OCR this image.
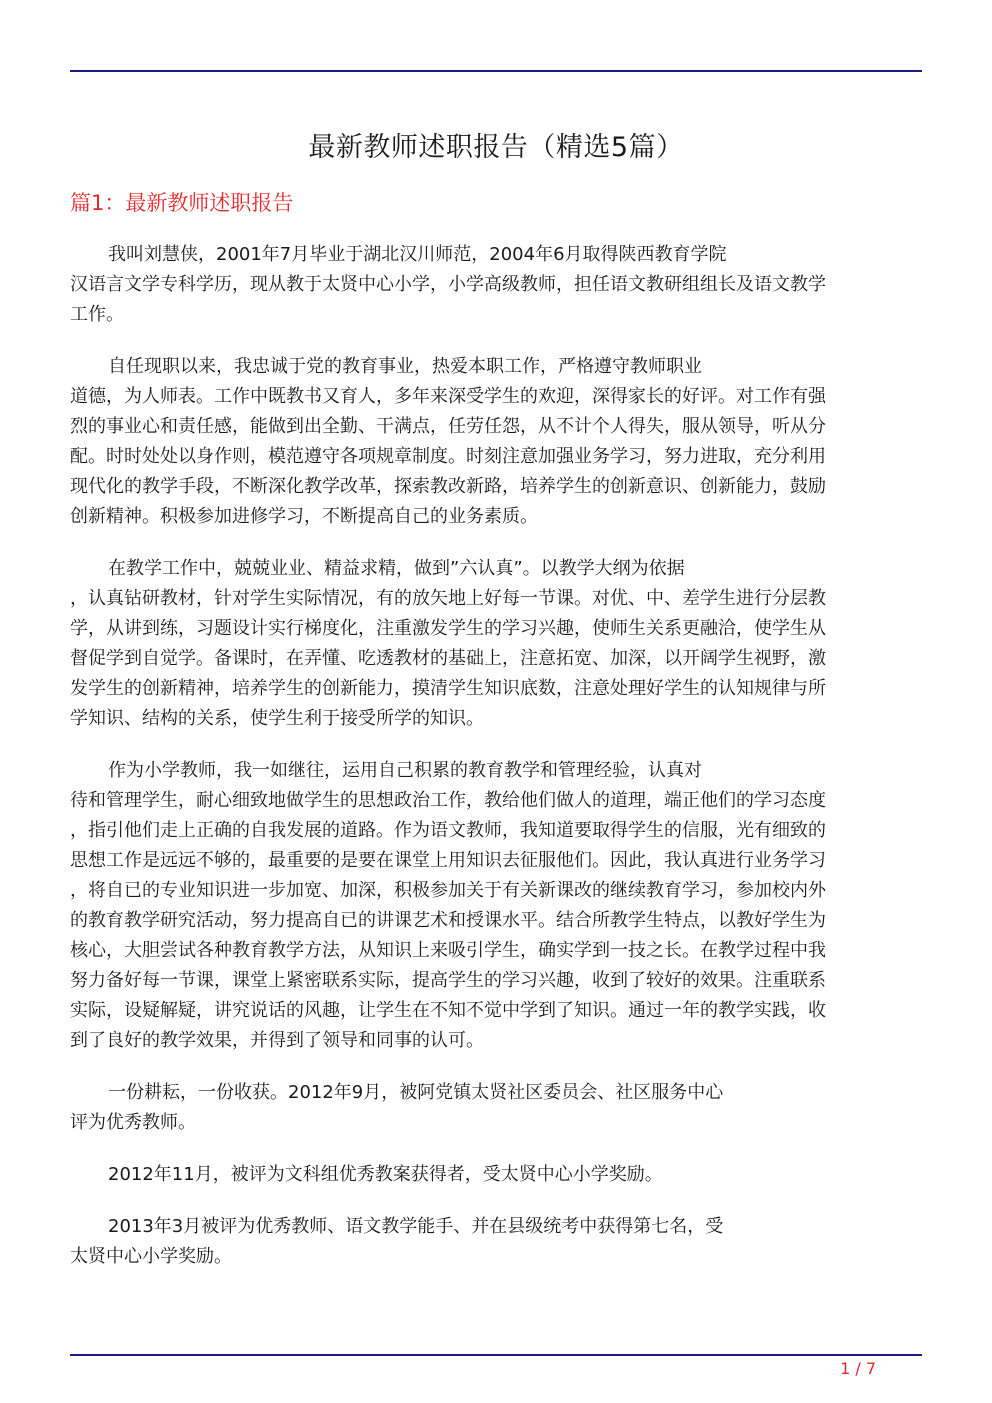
最新教师述职报告（精选5篇）
篇1：最新教师述职报告

我叫刘慧侠，2001年7月毕业于湖北汉川师范，2004年6月取得陕西教育学院
汉语言文学专科学历，现从教于太贤中心小学，小学高级教师，担任语文教研组组长及语文教学
工作。

自任现职以来，我忠诚于党的教育事业，热爱本职工作，严格遵守教师职业
道德，为人师表。工作中既教书又育人，多年来深受学生的欢迎，深得家长的好评。对工作有强
烈的事业心和责任感，能做到出全勤、干满点，任劳任怨，从不计个人得失，服从领导，听从分
配。时时处处以身作则，模范遵守各项规章制度。时刻注意加强业务学习，努力进取，充分利用
现代化的教学手段，不断深化教学改革，探索教改新路，培养学生的创新意识、创新能力，鼓励
创新精神。积极参加进修学习，不断提高自己的业务素质。

在教学工作中，兢兢业业、精益求精，做到”六认真”。以教学大纲为依据
，认真钻研教材，针对学生实际情况，有的放矢地上好每一节课。对优、中、差学生进行分层教
学，从讲到练，习题设计实行梯度化，注重激发学生的学习兴趣，使师生关系更融洽，使学生从
督促学到自觉学。备课时，在弄懂、吃透教材的基础上，注意拓宽、加深，以开阔学生视野，激
发学生的创新精神，培养学生的创新能力，摸清学生知识底数，注意处理好学生的认知规律与所
学知识、结构的关系，使学生利于接受所学的知识。

作为小学教师，我一如继往，运用自己积累的教育教学和管理经验，认真对
待和管理学生，耐心细致地做学生的思想政治工作，教给他们做人的道理，端正他们的学习态度
，指引他们走上正确的自我发展的道路。作为语文教师，我知道要取得学生的信服，光有细致的
思想工作是远远不够的，最重要的是要在课堂上用知识去征服他们。因此，我认真进行业务学习
，将自已的专业知识进一步加宽、加深，积极参加关于有关新课改的继续教育学习，参加校内外
的教育教学研究活动，努力提高自已的讲课艺术和授课水平。结合所教学生特点，以教好学生为
核心，大胆尝试各种教育教学方法，从知识上来吸引学生，确实学到一技之长。在教学过程中我
努力备好每一节课，课堂上紧密联系实际，提高学生的学习兴趣，收到了较好的效果。注重联系
实际，设疑解疑，讲究说话的风趣，让学生在不知不觉中学到了知识。通过一年的教学实践，收
到了良好的教学效果，并得到了领导和同事的认可。

一份耕耘，一份收获。2012年9月，被阿党镇太贤社区委员会、社区服务中心
评为优秀教师。

2012年11月，被评为文科组优秀教案获得者，受太贤中心小学奖励。

2013年3月被评为优秀教师、语文教学能手、并在县级统考中获得第七名，受
太贤中心小学奖励。

1 / 7
